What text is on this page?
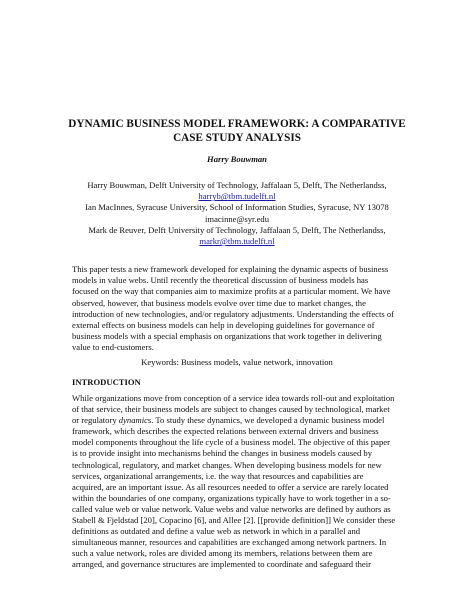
DYNAMIC BUSINESS MODEL FRAMEWORK: A COMPARATIVE
CASE STUDY ANALYSIS
Harry Bouwman
Harry Bouwman, Delft University of Technology, Jaffalaan 5, Delft, The Netherlandss,
harryb@tbm.tudelft.nl
Ian MacInnes, Syracuse University, School of Information Studies, Syracuse, NY 13078
imacinne@syr.edu
Mark de Reuver, Delft University of Technology, Jaffalaan 5, Delft, The Netherlandss,
markr@tbm.tudelft.nl
This paper tests a new framework developed for explaining the dynamic aspects of business
models in value webs. Until recently the theoretical discussion of business models has
focused on the way that companies aim to maximize profits at a particular moment. We have
observed, however, that business models evolve over time due to market changes, the
introduction of new technologies, and/or regulatory adjustments. Understanding the effects of
external effects on business models can help in developing guidelines for governance of
business models with a special emphasis on organizations that work together in delivering
value to end-customers.
Keywords: Business models, value network, innovation
INTRODUCTION
While organizations move from conception of a service idea towards roll-out and exploitation
of that service, their business models are subject to changes caused by technological, market
or regulatory dynamics. To study these dynamics, we developed a dynamic business model
framework, which describes the expected relations between external drivers and business
model components throughout the life cycle of a business model. The objective of this paper
is to provide insight into mechanisms behind the changes in business models caused by
technological, regulatory, and market changes. When developing business models for new
services, organizational arrangements, i.e. the way that resources and capabilities are
acquired, are an important issue. As all resources needed to offer a service are rarely located
within the boundaries of one company, organizations typically have to work together in a so-
called value web or value network. Value webs and value networks are defined by authors as
Stabell & Fjeldstad [20], Copacino [6], and Allee [2]. [[provide definition]] We consider these
definitions as outdated and define a value web as network in which in a parallel and
simultaneous manner, resources and capabilities are exchanged among network partners. In
such a value network, roles are divided among its members, relations between them are
arranged, and governance structures are implemented to coordinate and safeguard their
